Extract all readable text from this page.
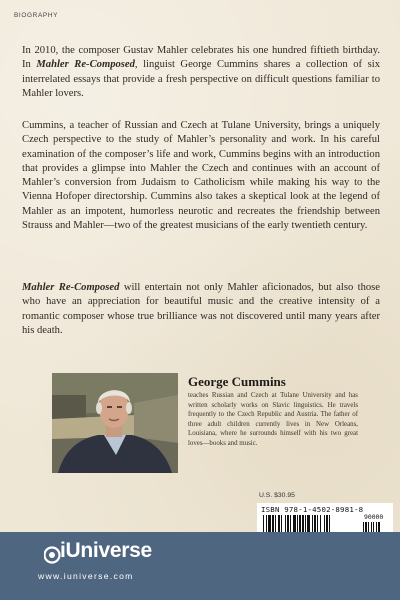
BIOGRAPHY

In 2010, the composer Gustav Mahler celebrates his one hundred fiftieth birthday. In Mahler Re-Composed, linguist George Cummins shares a collection of six interrelated essays that provide a fresh perspective on difficult questions familiar to Mahler lovers.

Cummins, a teacher of Russian and Czech at Tulane University, brings a uniquely Czech perspective to the study of Mahler’s personality and work. In his careful examination of the composer’s life and work, Cummins begins with an introduction that provides a glimpse into Mahler the Czech and continues with an account of Mahler’s conversion from Judaism to Catholicism while making his way to the Vienna Hofoper directorship. Cummins also takes a skeptical look at the legend of Mahler as an impotent, humorless neurotic and recreates the friendship between Strauss and Mahler—two of the greatest musicians of the early twentieth century.

Mahler Re-Composed will entertain not only Mahler aficionados, but also those who have an appreciation for beautiful music and the creative intensity of a romantic composer whose true brilliance was not discovered until many years after his death.

George Cummins

teaches Russian and Czech at Tulane University and has written scholarly works on Slavic linguistics. He travels frequently to the Czech Republic and Austria. The father of three adult children currently lives in New Orleans, Louisiana, where he surrounds himself with his two great loves—books and music.

U.S. $30.95
ISBN 978-1-4502-8981-8
90000
iUniverse
www.iuniverse.com
